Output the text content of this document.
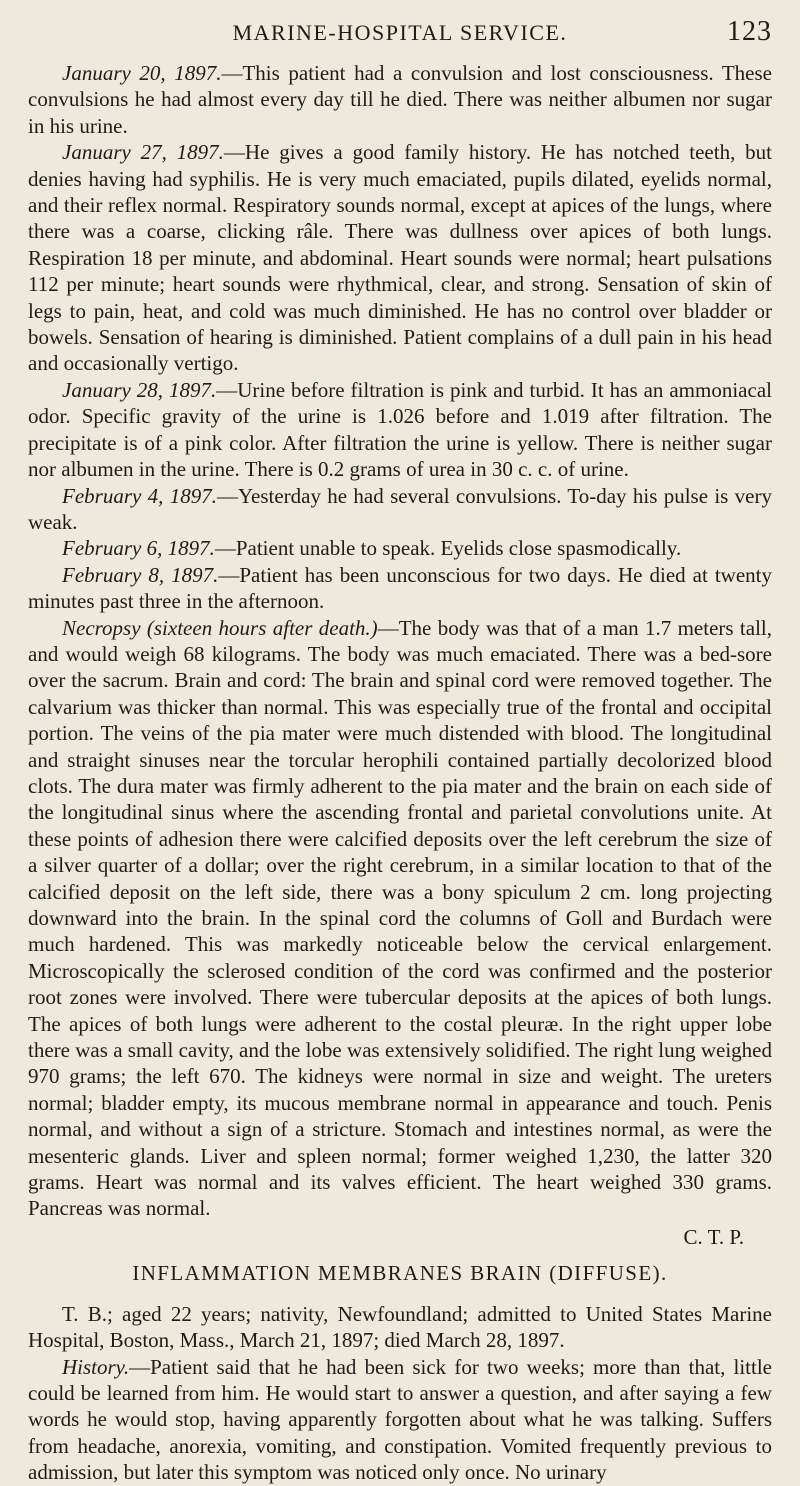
MARINE-HOSPITAL SERVICE.	123

January 20, 1897.—This patient had a convulsion and lost consciousness. These convulsions he had almost every day till he died. There was neither albumen nor sugar in his urine.

January 27, 1897.—He gives a good family history. He has notched teeth, but denies having had syphilis. He is very much emaciated, pupils dilated, eyelids normal, and their reflex normal. Respiratory sounds normal, except at apices of the lungs, where there was a coarse, clicking râle. There was dullness over apices of both lungs. Respiration 18 per minute, and abdominal. Heart sounds were normal; heart pulsations 112 per minute; heart sounds were rhythmical, clear, and strong. Sensation of skin of legs to pain, heat, and cold was much diminished. He has no control over bladder or bowels. Sensation of hearing is diminished. Patient complains of a dull pain in his head and occasionally vertigo.

January 28, 1897.—Urine before filtration is pink and turbid. It has an ammoniacal odor. Specific gravity of the urine is 1.026 before and 1.019 after filtration. The precipitate is of a pink color. After filtration the urine is yellow. There is neither sugar nor albumen in the urine. There is 0.2 grams of urea in 30 c. c. of urine.

February 4, 1897.—Yesterday he had several convulsions. To-day his pulse is very weak.

February 6, 1897.—Patient unable to speak. Eyelids close spasmodically.

February 8, 1897.—Patient has been unconscious for two days. He died at twenty minutes past three in the afternoon.

Necropsy (sixteen hours after death.)—The body was that of a man 1.7 meters tall, and would weigh 68 kilograms. The body was much emaciated. There was a bed-sore over the sacrum. Brain and cord: The brain and spinal cord were removed together. The calvarium was thicker than normal. This was especially true of the frontal and occipital portion. The veins of the pia mater were much distended with blood. The longitudinal and straight sinuses near the torcular herophili contained partially decolorized blood clots. The dura mater was firmly adherent to the pia mater and the brain on each side of the longitudinal sinus where the ascending frontal and parietal convolutions unite. At these points of adhesion there were calcified deposits over the left cerebrum the size of a silver quarter of a dollar; over the right cerebrum, in a similar location to that of the calcified deposit on the left side, there was a bony spiculum 2 cm. long projecting downward into the brain. In the spinal cord the columns of Goll and Burdach were much hardened. This was markedly noticeable below the cervical enlargement. Microscopically the sclerosed condition of the cord was confirmed and the posterior root zones were involved. There were tubercular deposits at the apices of both lungs. The apices of both lungs were adherent to the costal pleuræ. In the right upper lobe there was a small cavity, and the lobe was extensively solidified. The right lung weighed 970 grams; the left 670. The kidneys were normal in size and weight. The ureters normal; bladder empty, its mucous membrane normal in appearance and touch. Penis normal, and without a sign of a stricture. Stomach and intestines normal, as were the mesenteric glands. Liver and spleen normal; former weighed 1,230, the latter 320 grams. Heart was normal and its valves efficient. The heart weighed 330 grams. Pancreas was normal.

C. T. P.
INFLAMMATION MEMBRANES BRAIN (DIFFUSE).

T. B.; aged 22 years; nativity, Newfoundland; admitted to United States Marine Hospital, Boston, Mass., March 21, 1897; died March 28, 1897.

History.—Patient said that he had been sick for two weeks; more than that, little could be learned from him. He would start to answer a question, and after saying a few words he would stop, having apparently forgotten about what he was talking. Suffers from headache, anorexia, vomiting, and constipation. Vomited frequently previous to admission, but later this symptom was noticed only once. No urinary
